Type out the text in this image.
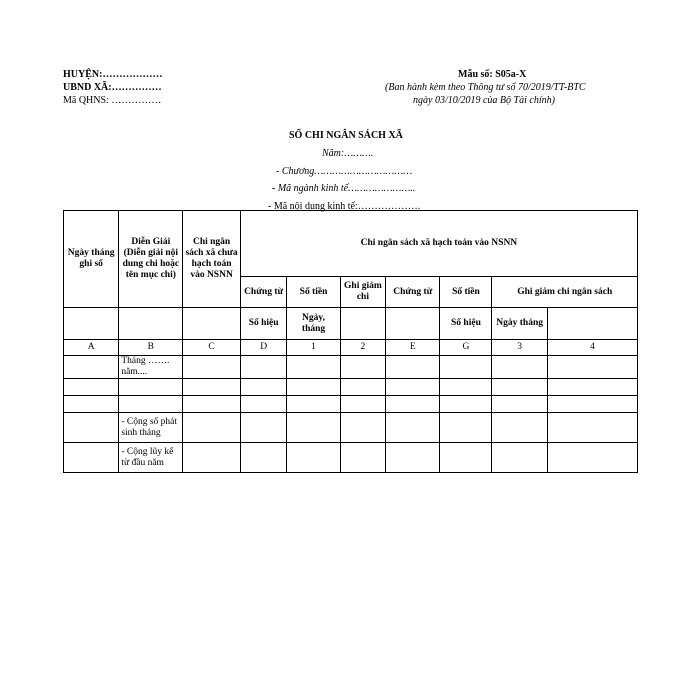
HUYỆN:………………
UBND XÃ:……………
Mã QHNS: ……………
Mẫu số: S05a-X
(Ban hành kèm theo Thông tư số 70/2019/TT-BTC
ngày 03/10/2019 của Bộ Tài chính)
SỔ CHI NGÂN SÁCH XÃ
Năm:……….
- Chương……………………………
- Mã ngành kinh tế…………………..
- Mã nội dung kinh tế:……………….
Ngày tháng ghi sổ	Diễn Giải (Diễn giải nội dung chi hoặc tên mục chi)	Chi ngân sách xã chưa hạch toán vào NSNN	Chi ngân sách xã hạch toán vào NSNN						
			Chứng từ	Số tiền	Ghi giảm chi	Chứng từ	Số tiền	Ghi giảm chi ngân sách	
			Số hiệu	Ngày, tháng			Số hiệu	Ngày tháng	
A	B	C	D	1	2	E	G	3	4
	Tháng ……. năm....								

	- Cộng số phát sinh tháng								
	- Cộng lũy kế từ đầu năm								
